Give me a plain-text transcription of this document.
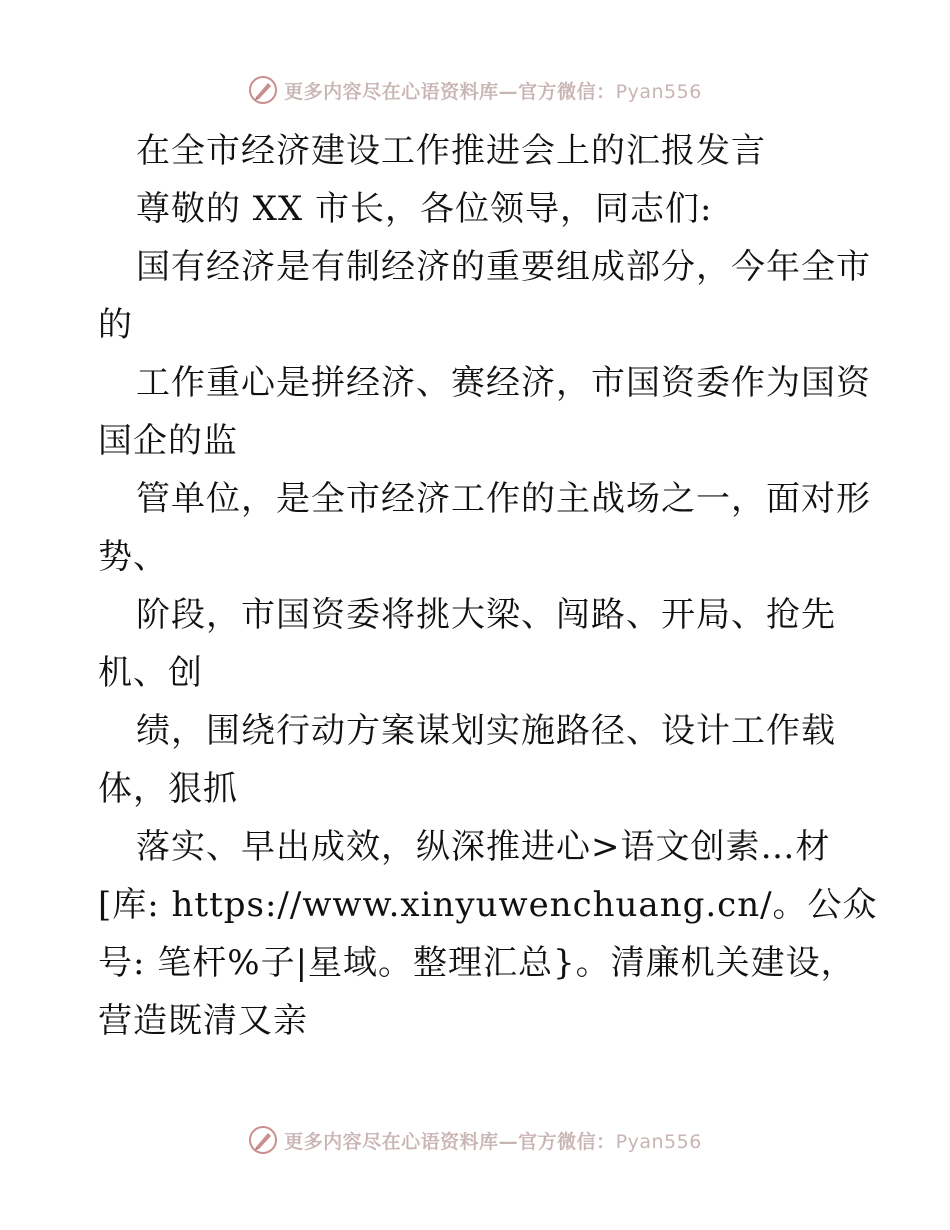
更多内容尽在心语资料库—官方微信：Pyan556
在全市经济建设工作推进会上的汇报发言
尊敬的 XX 市长，各位领导，同志们:
国有经济是有制经济的重要组成部分，今年全市
的
工作重心是拼经济、赛经济，市国资委作为国资
国企的监
管单位，是全市经济工作的主战场之一，面对形
势、
阶段，市国资委将挑大梁、闯路、开局、抢先
机、创
绩，围绕行动方案谋划实施路径、设计工作载
体，狠抓
落实、早出成效，纵深推进心>语文创素…材
[库: https://www.xinyuwenchuang.cn/。公众
号: 笔杆%子|星域。整理汇总}。清廉机关建设，
营造既清又亲
更多内容尽在心语资料库—官方微信：Pyan556
